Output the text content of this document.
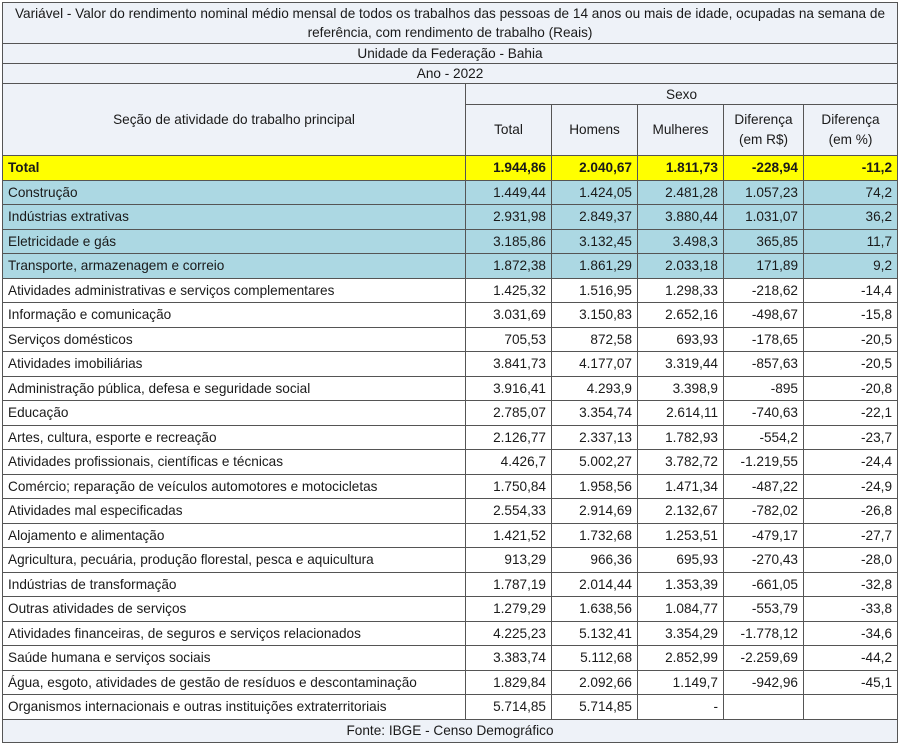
Variável - Valor do rendimento nominal médio mensal de todos os trabalhos das pessoas de 14 anos ou mais de idade, ocupadas na semana de referência, com rendimento de trabalho (Reais)					
Unidade da Federação - Bahia					
Ano - 2022					
Seção de atividade do trabalho principal	Sexo				
	Total	Homens	Mulheres	Diferença (em R$)	Diferença (em %)
Total	1.944,86	2.040,67	1.811,73	-228,94	-11,2
Construção	1.449,44	1.424,05	2.481,28	1.057,23	74,2
Indústrias extrativas	2.931,98	2.849,37	3.880,44	1.031,07	36,2
Eletricidade e gás	3.185,86	3.132,45	3.498,3	365,85	11,7
Transporte, armazenagem e correio	1.872,38	1.861,29	2.033,18	171,89	9,2
Atividades administrativas e serviços complementares	1.425,32	1.516,95	1.298,33	-218,62	-14,4
Informação e comunicação	3.031,69	3.150,83	2.652,16	-498,67	-15,8
Serviços domésticos	705,53	872,58	693,93	-178,65	-20,5
Atividades imobiliárias	3.841,73	4.177,07	3.319,44	-857,63	-20,5
Administração pública, defesa e seguridade social	3.916,41	4.293,9	3.398,9	-895	-20,8
Educação	2.785,07	3.354,74	2.614,11	-740,63	-22,1
Artes, cultura, esporte e recreação	2.126,77	2.337,13	1.782,93	-554,2	-23,7
Atividades profissionais, científicas e técnicas	4.426,7	5.002,27	3.782,72	-1.219,55	-24,4
Comércio; reparação de veículos automotores e motocicletas	1.750,84	1.958,56	1.471,34	-487,22	-24,9
Atividades mal especificadas	2.554,33	2.914,69	2.132,67	-782,02	-26,8
Alojamento e alimentação	1.421,52	1.732,68	1.253,51	-479,17	-27,7
Agricultura, pecuária, produção florestal, pesca e aquicultura	913,29	966,36	695,93	-270,43	-28,0
Indústrias de transformação	1.787,19	2.014,44	1.353,39	-661,05	-32,8
Outras atividades de serviços	1.279,29	1.638,56	1.084,77	-553,79	-33,8
Atividades financeiras, de seguros e serviços relacionados	4.225,23	5.132,41	3.354,29	-1.778,12	-34,6
Saúde humana e serviços sociais	3.383,74	5.112,68	2.852,99	-2.259,69	-44,2
Água, esgoto, atividades de gestão de resíduos e descontaminação	1.829,84	2.092,66	1.149,7	-942,96	-45,1
Organismos internacionais e outras instituições extraterritoriais	5.714,85	5.714,85	-		
Fonte: IBGE - Censo Demográfico					
